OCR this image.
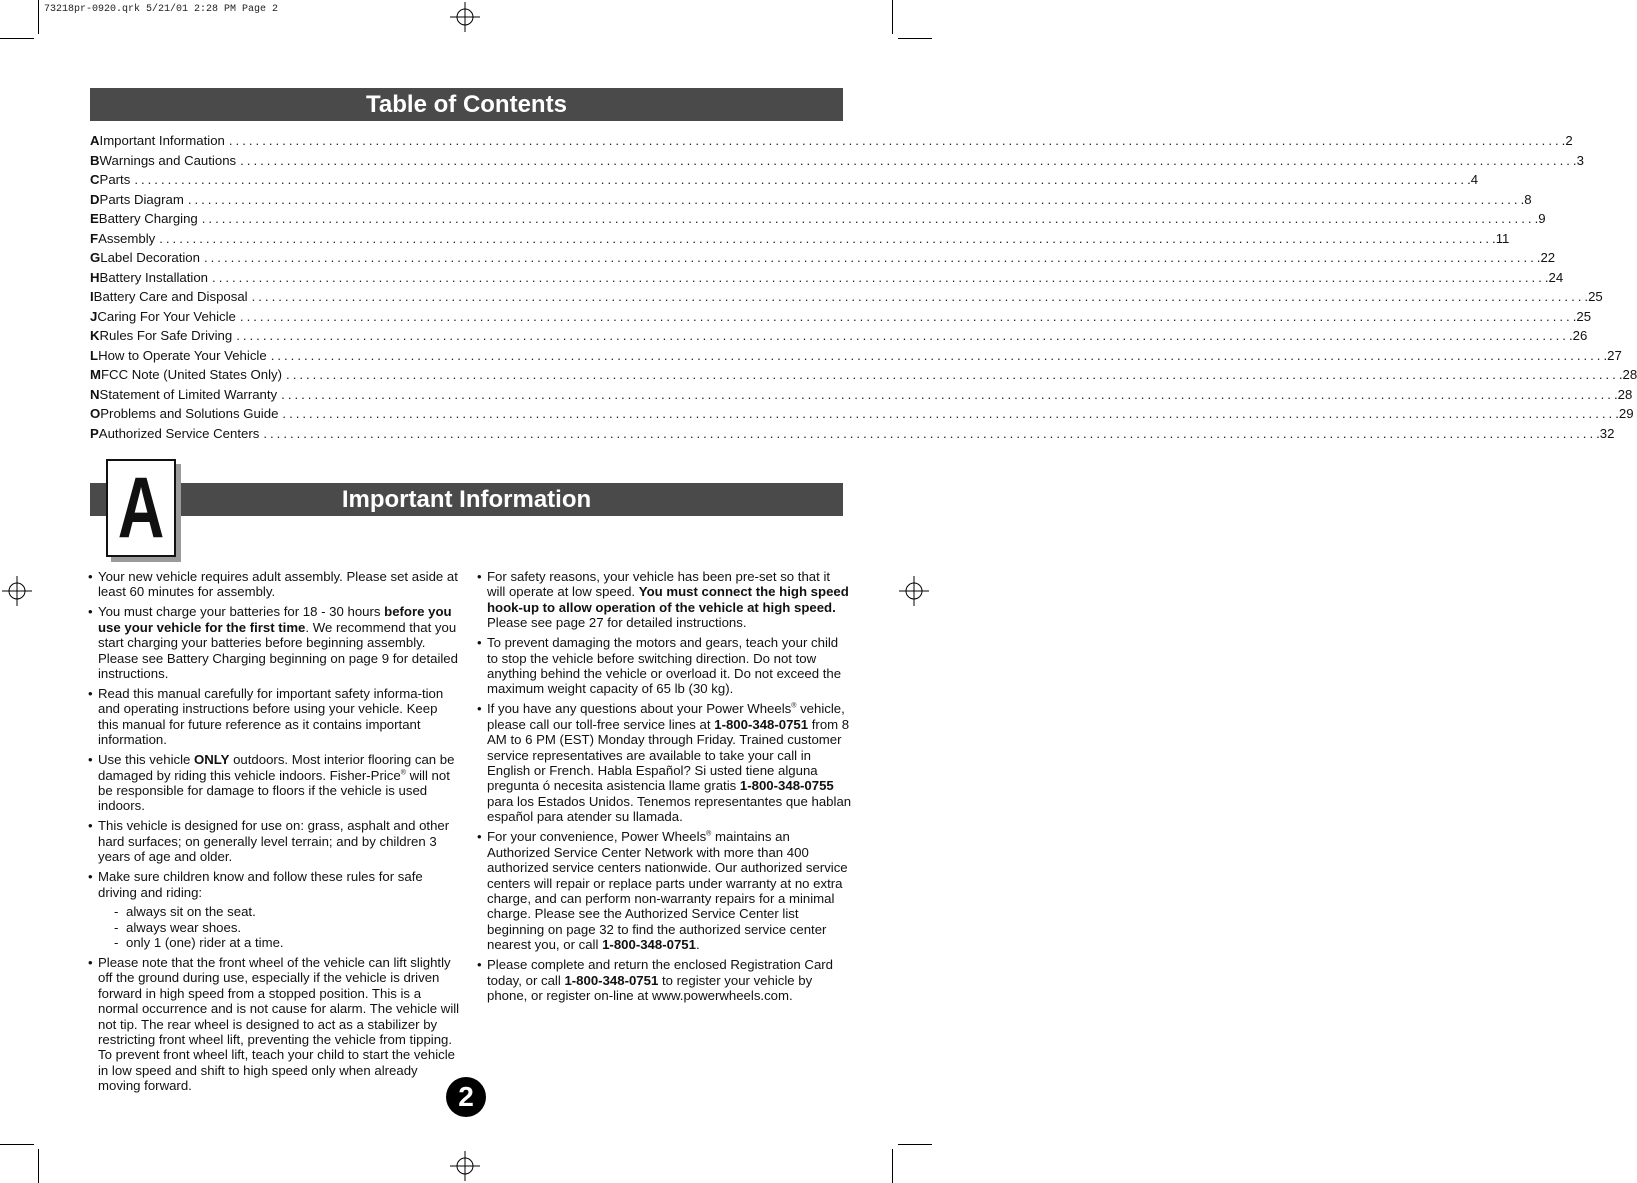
73218pr-0920.qrk 5/21/01 2:28 PM Page 2
Table of Contents
A Important Information ........................................................................................................................................................................................................ .2
B Warnings and Cautions ........................................................................................................................................................................................................ .3
C Parts ........................................................................................................................................................................................................ .4
D Parts Diagram ........................................................................................................................................................................................................ .8
E Battery Charging ........................................................................................................................................................................................................ .9
F Assembly ........................................................................................................................................................................................................ .11
G Label Decoration ........................................................................................................................................................................................................ .22
H Battery Installation ........................................................................................................................................................................................................ .24
I Battery Care and Disposal ........................................................................................................................................................................................................ .25
J Caring For Your Vehicle ........................................................................................................................................................................................................ .25
K Rules For Safe Driving ........................................................................................................................................................................................................ .26
L How to Operate Your Vehicle ........................................................................................................................................................................................................ .27
M FCC Note (United States Only) ........................................................................................................................................................................................................ .28
N Statement of Limited Warranty ........................................................................................................................................................................................................ .28
O Problems and Solutions Guide ........................................................................................................................................................................................................ .29
P Authorized Service Centers ........................................................................................................................................................................................................ .32
Important Information
A
• Your new vehicle requires adult assembly. Please set aside at least 60 minutes for assembly.
• You must charge your batteries for 18 - 30 hours before you use your vehicle for the first time. We recommend that you start charging your batteries before beginning assembly. Please see Battery Charging beginning on page 9 for detailed instructions.
• Read this manual carefully for important safety informa-tion and operating instructions before using your vehicle. Keep this manual for future reference as it contains important information.
• Use this vehicle ONLY outdoors. Most interior flooring can be damaged by riding this vehicle indoors. Fisher-Price® will not be responsible for damage to floors if the vehicle is used indoors.
• This vehicle is designed for use on: grass, asphalt and other hard surfaces; on generally level terrain; and by children 3 years of age and older.
• Make sure children know and follow these rules for safe driving and riding:
- always sit on the seat.
- always wear shoes.
- only 1 (one) rider at a time.
• Please note that the front wheel of the vehicle can lift slightly off the ground during use, especially if the vehicle is driven forward in high speed from a stopped position. This is a normal occurrence and is not cause for alarm. The vehicle will not tip. The rear wheel is designed to act as a stabilizer by restricting front wheel lift, preventing the vehicle from tipping. To prevent front wheel lift, teach your child to start the vehicle in low speed and shift to high speed only when already moving forward.
• For safety reasons, your vehicle has been pre-set so that it will operate at low speed. You must connect the high speed hook-up to allow operation of the vehicle at high speed. Please see page 27 for detailed instructions.
• To prevent damaging the motors and gears, teach your child to stop the vehicle before switching direction. Do not tow anything behind the vehicle or overload it. Do not exceed the maximum weight capacity of 65 lb (30 kg).
• If you have any questions about your Power Wheels® vehicle, please call our toll-free service lines at 1-800-348-0751 from 8 AM to 6 PM (EST) Monday through Friday. Trained customer service representatives are available to take your call in English or French. Habla Español? Si usted tiene alguna pregunta ó necesita asistencia llame gratis 1-800-348-0755 para los Estados Unidos. Tenemos representantes que hablan español para atender su llamada.
• For your convenience, Power Wheels® maintains an Authorized Service Center Network with more than 400 authorized service centers nationwide. Our authorized service centers will repair or replace parts under warranty at no extra charge, and can perform non-warranty repairs for a minimal charge. Please see the Authorized Service Center list beginning on page 32 to find the authorized service center nearest you, or call 1-800-348-0751.
• Please complete and return the enclosed Registration Card today, or call 1-800-348-0751 to register your vehicle by phone, or register on-line at www.powerwheels.com.
2
